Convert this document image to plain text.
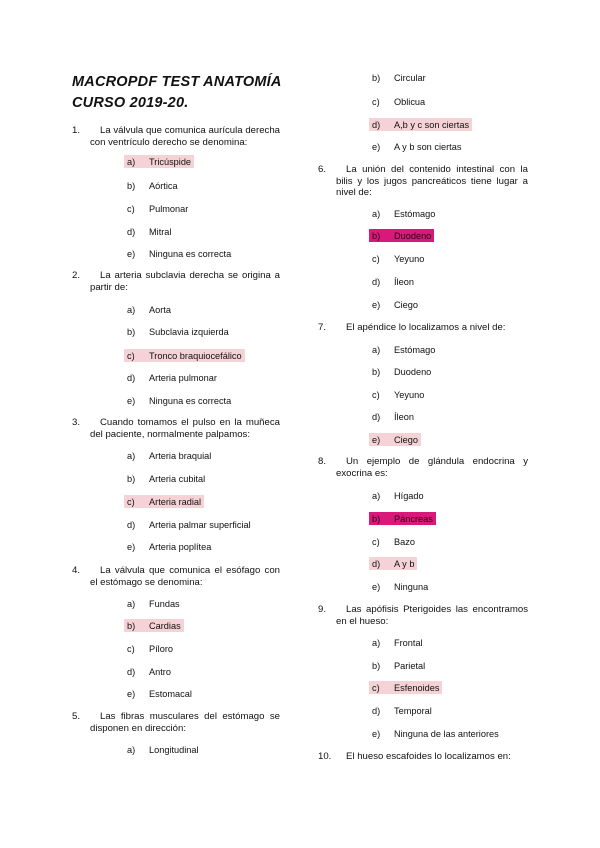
MACROPDF TEST ANATOMÍA
CURSO 2019-20.
1.	La válvula que comunica aurícula derecha con ventrículo derecho se denomina:
a) Tricúspide
b) Aórtica
c) Pulmonar
d) Mitral
e) Ninguna es correcta
2.	La arteria subclavia derecha se origina a partir de:
a) Aorta
b) Subclavia izquierda
c) Tronco braquiocefálico
d) Arteria pulmonar
e) Ninguna es correcta
3.	Cuando tomamos el pulso en la muñeca del paciente, normalmente palpamos:
a) Arteria braquial
b) Arteria cubital
c) Arteria radial
d) Arteria palmar superficial
e) Arteria poplítea
4.	La válvula que comunica el esófago con el estómago se denomina:
a) Fundas
b) Cardias
c) Píloro
d) Antro
e) Estomacal
5.	Las fibras musculares del estómago se disponen en dirección:
a) Longitudinal
b) Circular
c) Oblicua
d) A,b y c son ciertas
e) A y b son ciertas
6.	La unión del contenido intestinal con la bilis y los jugos pancreáticos tiene lugar a nivel de:
a) Estómago
b) Duodeno
c) Yeyuno
d) Íleon
e) Ciego
7.	El apéndice lo localizamos a nivel de:
a) Estómago
b) Duodeno
c) Yeyuno
d) Íleon
e) Ciego
8.	Un ejemplo de glándula endocrina y exocrina es:
a) Hígado
b) Páncreas
c) Bazo
d) A y b
e) Ninguna
9.	Las apófisis Pterigoides las encontramos en el hueso:
a) Frontal
b) Parietal
c) Esfenoides
d) Temporal
e) Ninguna de las anteriores
10.	El hueso escafoides lo localizamos en:
